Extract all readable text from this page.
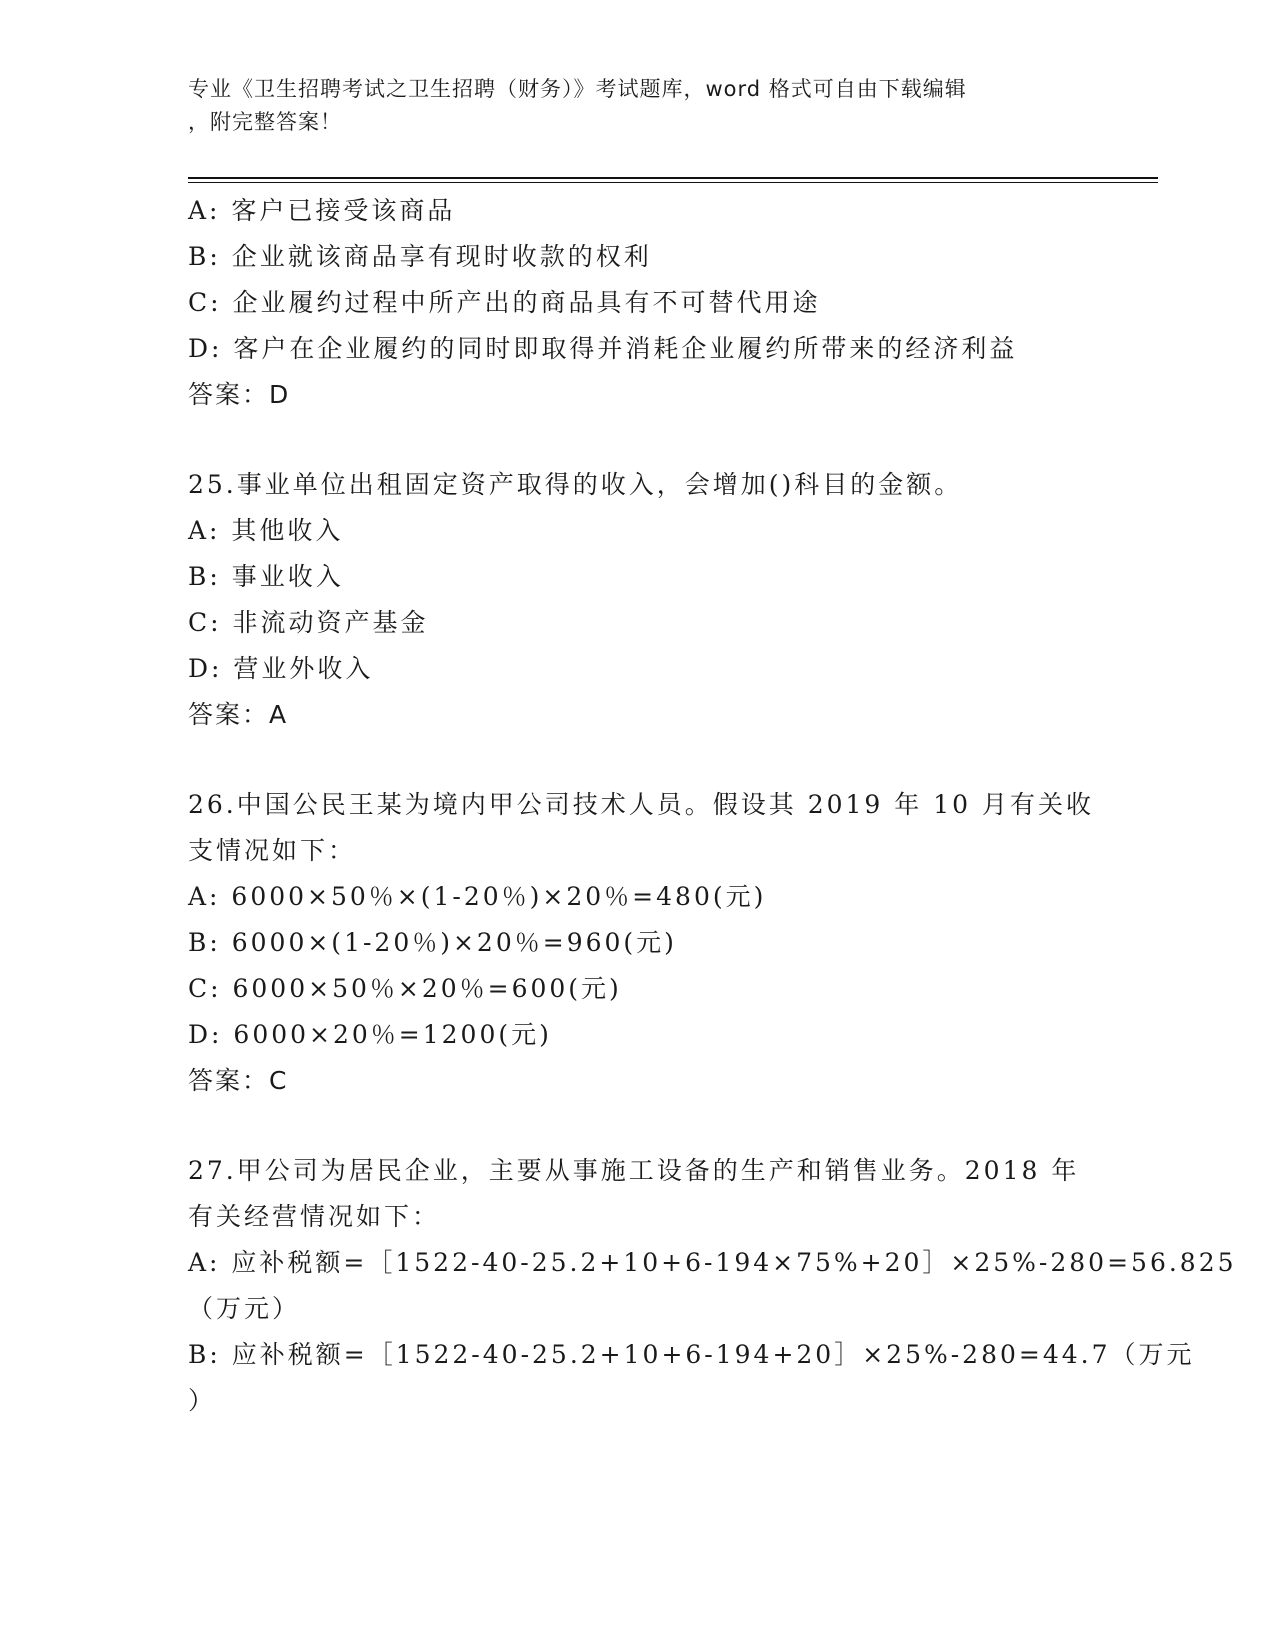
专业《卫生招聘考试之卫生招聘（财务）》考试题库，word 格式可自由下载编辑
，附完整答案！

A: 客户已接受该商品

B: 企业就该商品享有现时收款的权利

C: 企业履约过程中所产出的商品具有不可替代用途

D: 客户在企业履约的同时即取得并消耗企业履约所带来的经济利益

答案：D

25.事业单位出租固定资产取得的收入，会增加()科目的金额。

A: 其他收入

B: 事业收入

C: 非流动资产基金

D: 营业外收入

答案：A

26.中国公民王某为境内甲公司技术人员。假设其 2019 年 10 月有关收

支情况如下：

A: 6000×50％×(1-20％)×20％=480(元)

B: 6000×(1-20％)×20％=960(元)

C: 6000×50％×20％=600(元)

D: 6000×20％=1200(元)

答案：C

27.甲公司为居民企业，主要从事施工设备的生产和销售业务。2018 年

有关经营情况如下：

A: 应补税额=［1522-40-25.2+10+6-194×75%+20］×25%-280=56.825

（万元）

B: 应补税额=［1522-40-25.2+10+6-194+20］×25%-280=44.7（万元

）
